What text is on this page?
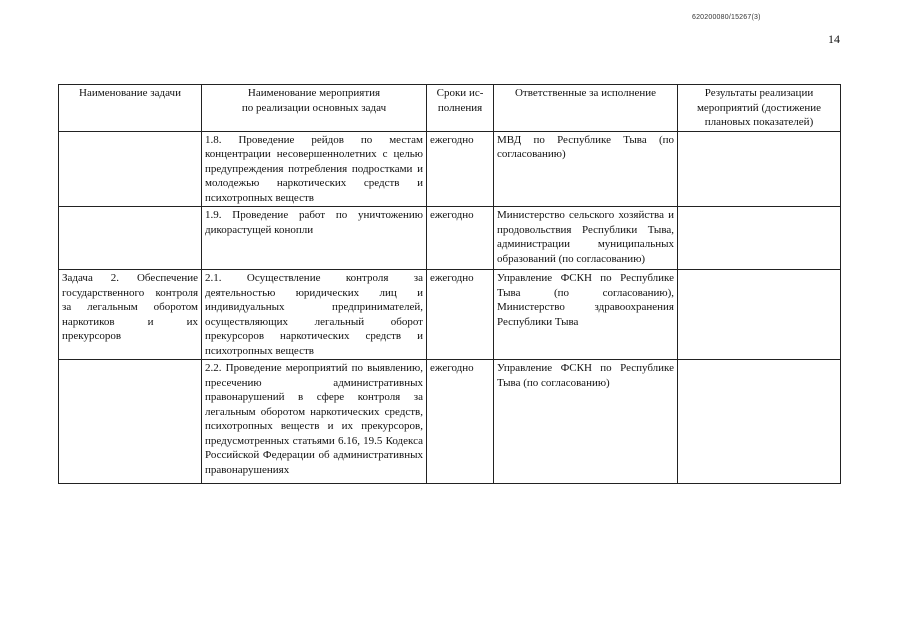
620200080/15267(3)
14
Наименование задачи	Наименование мероприятия
по реализации основных задач	Сроки ис-
полнения	Ответственные за исполнение	Результаты реализации
мероприятий (достижение
плановых показателей)
	1.8. Проведение рейдов по местам концентрации несовершеннолетних с целью предупреждения потребления подростками и молодежью наркотических средств и психотропных веществ	ежегодно	МВД по Республике Тыва (по согласованию)	
	1.9. Проведение работ по уничтожению дикорастущей конопли	ежегодно	Министерство сельского хозяйства и продовольствия Республики Тыва, администрации муниципальных образований (по согласованию)	
Задача 2. Обеспечение государственного контроля за легальным оборотом наркотиков и их прекурсоров	2.1. Осуществление контроля за деятельностью юридических лиц и индивидуальных предпринимателей, осуществляющих легальный оборот прекурсоров наркотических средств и психотропных веществ	ежегодно	Управление ФСКН по Республике Тыва (по согласованию), Министерство здравоохранения Республики Тыва	
	2.2. Проведение мероприятий по выявлению, пресечению административных правонарушений в сфере контроля за легальным оборотом наркотических средств, психотропных веществ и их прекурсоров, предусмотренных статьями 6.16, 19.5 Кодекса Российской Федерации об административных правонарушениях	ежегодно	Управление ФСКН по Республике Тыва (по согласованию)	
